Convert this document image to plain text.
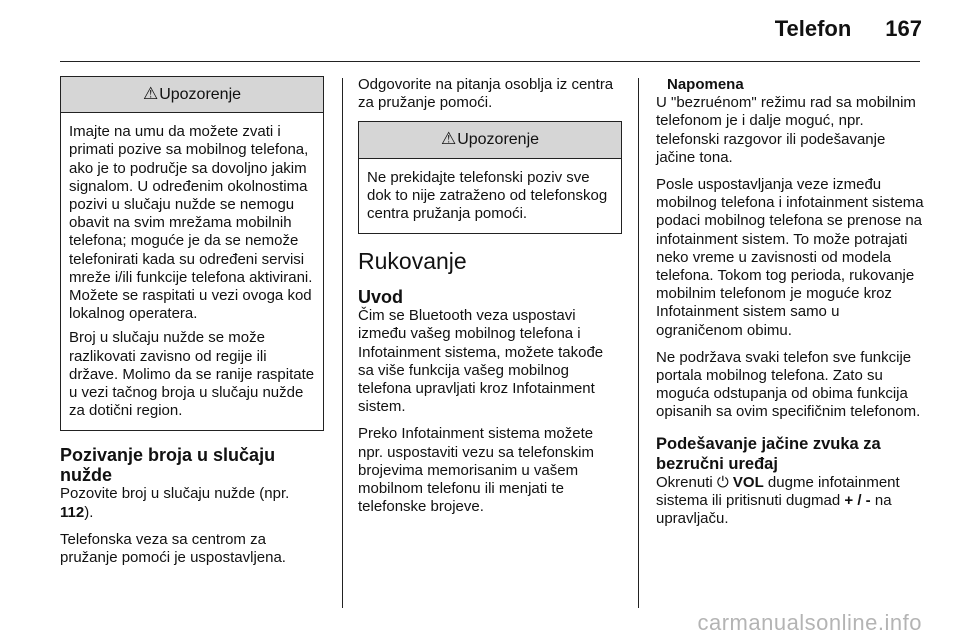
Telefon 167
⚠Upozorenje

Imajte na umu da možete zvati i primati pozive sa mobilnog telefona, ako je to područje sa dovoljno jakim signalom. U određenim okolnostima pozivi u slučaju nužde se nemogu obavit na svim mrežama mobilnih telefona; moguće je da se nemože telefonirati kada su određeni servisi mreže i/ili funkcije telefona aktivirani. Možete se raspitati u vezi ovoga kod lokalnog operatera.

Broj u slučaju nužde se može razlikovati zavisno od regije ili države. Molimo da se ranije raspitate u vezi tačnog broja u slučaju nužde za dotični region.

Pozivanje broja u slučaju nužde

Pozovite broj u slučaju nužde (npr. 112).

Telefonska veza sa centrom za pružanje pomoći je uspostavljena.

Odgovorite na pitanja osoblja iz centra za pružanje pomoći.

⚠Upozorenje

Ne prekidajte telefonski poziv sve dok to nije zatraženo od telefonskog centra pružanja pomoći.

Rukovanje
Uvod

Čim se Bluetooth veza uspostavi između vašeg mobilnog telefona i Infotainment sistema, možete takođe sa više funkcija vašeg mobilnog telefona upravljati kroz Infotainment sistem.

Preko Infotainment sistema možete npr. uspostaviti vezu sa telefonskim brojevima memorisanim u vašem mobilnom telefonu ili menjati te telefonske brojeve.

Napomena

U "bezruénom" režimu rad sa mobilnim telefonom je i dalje moguć, npr. telefonski razgovor ili podešavanje jačine tona.

Posle uspostavljanja veze između mobilnog telefona i infotainment sistema podaci mobilnog telefona se prenose na infotainment sistem. To može potrajati neko vreme u zavisnosti od modela telefona. Tokom tog perioda, rukovanje mobilnim telefonom je moguće kroz Infotainment sistem samo u ograničenom obimu.

Ne podržava svaki telefon sve funkcije portala mobilnog telefona. Zato su moguća odstupanja od obima funkcija opisanih sa ovim specifičnim telefonom.

Podešavanje jačine zvuka za bezručni uređaj

Okrenuti ⏻ VOL dugme infotainment sistema ili pritisnuti dugmad + / - na upravljaču.

carmanualsonline.info
